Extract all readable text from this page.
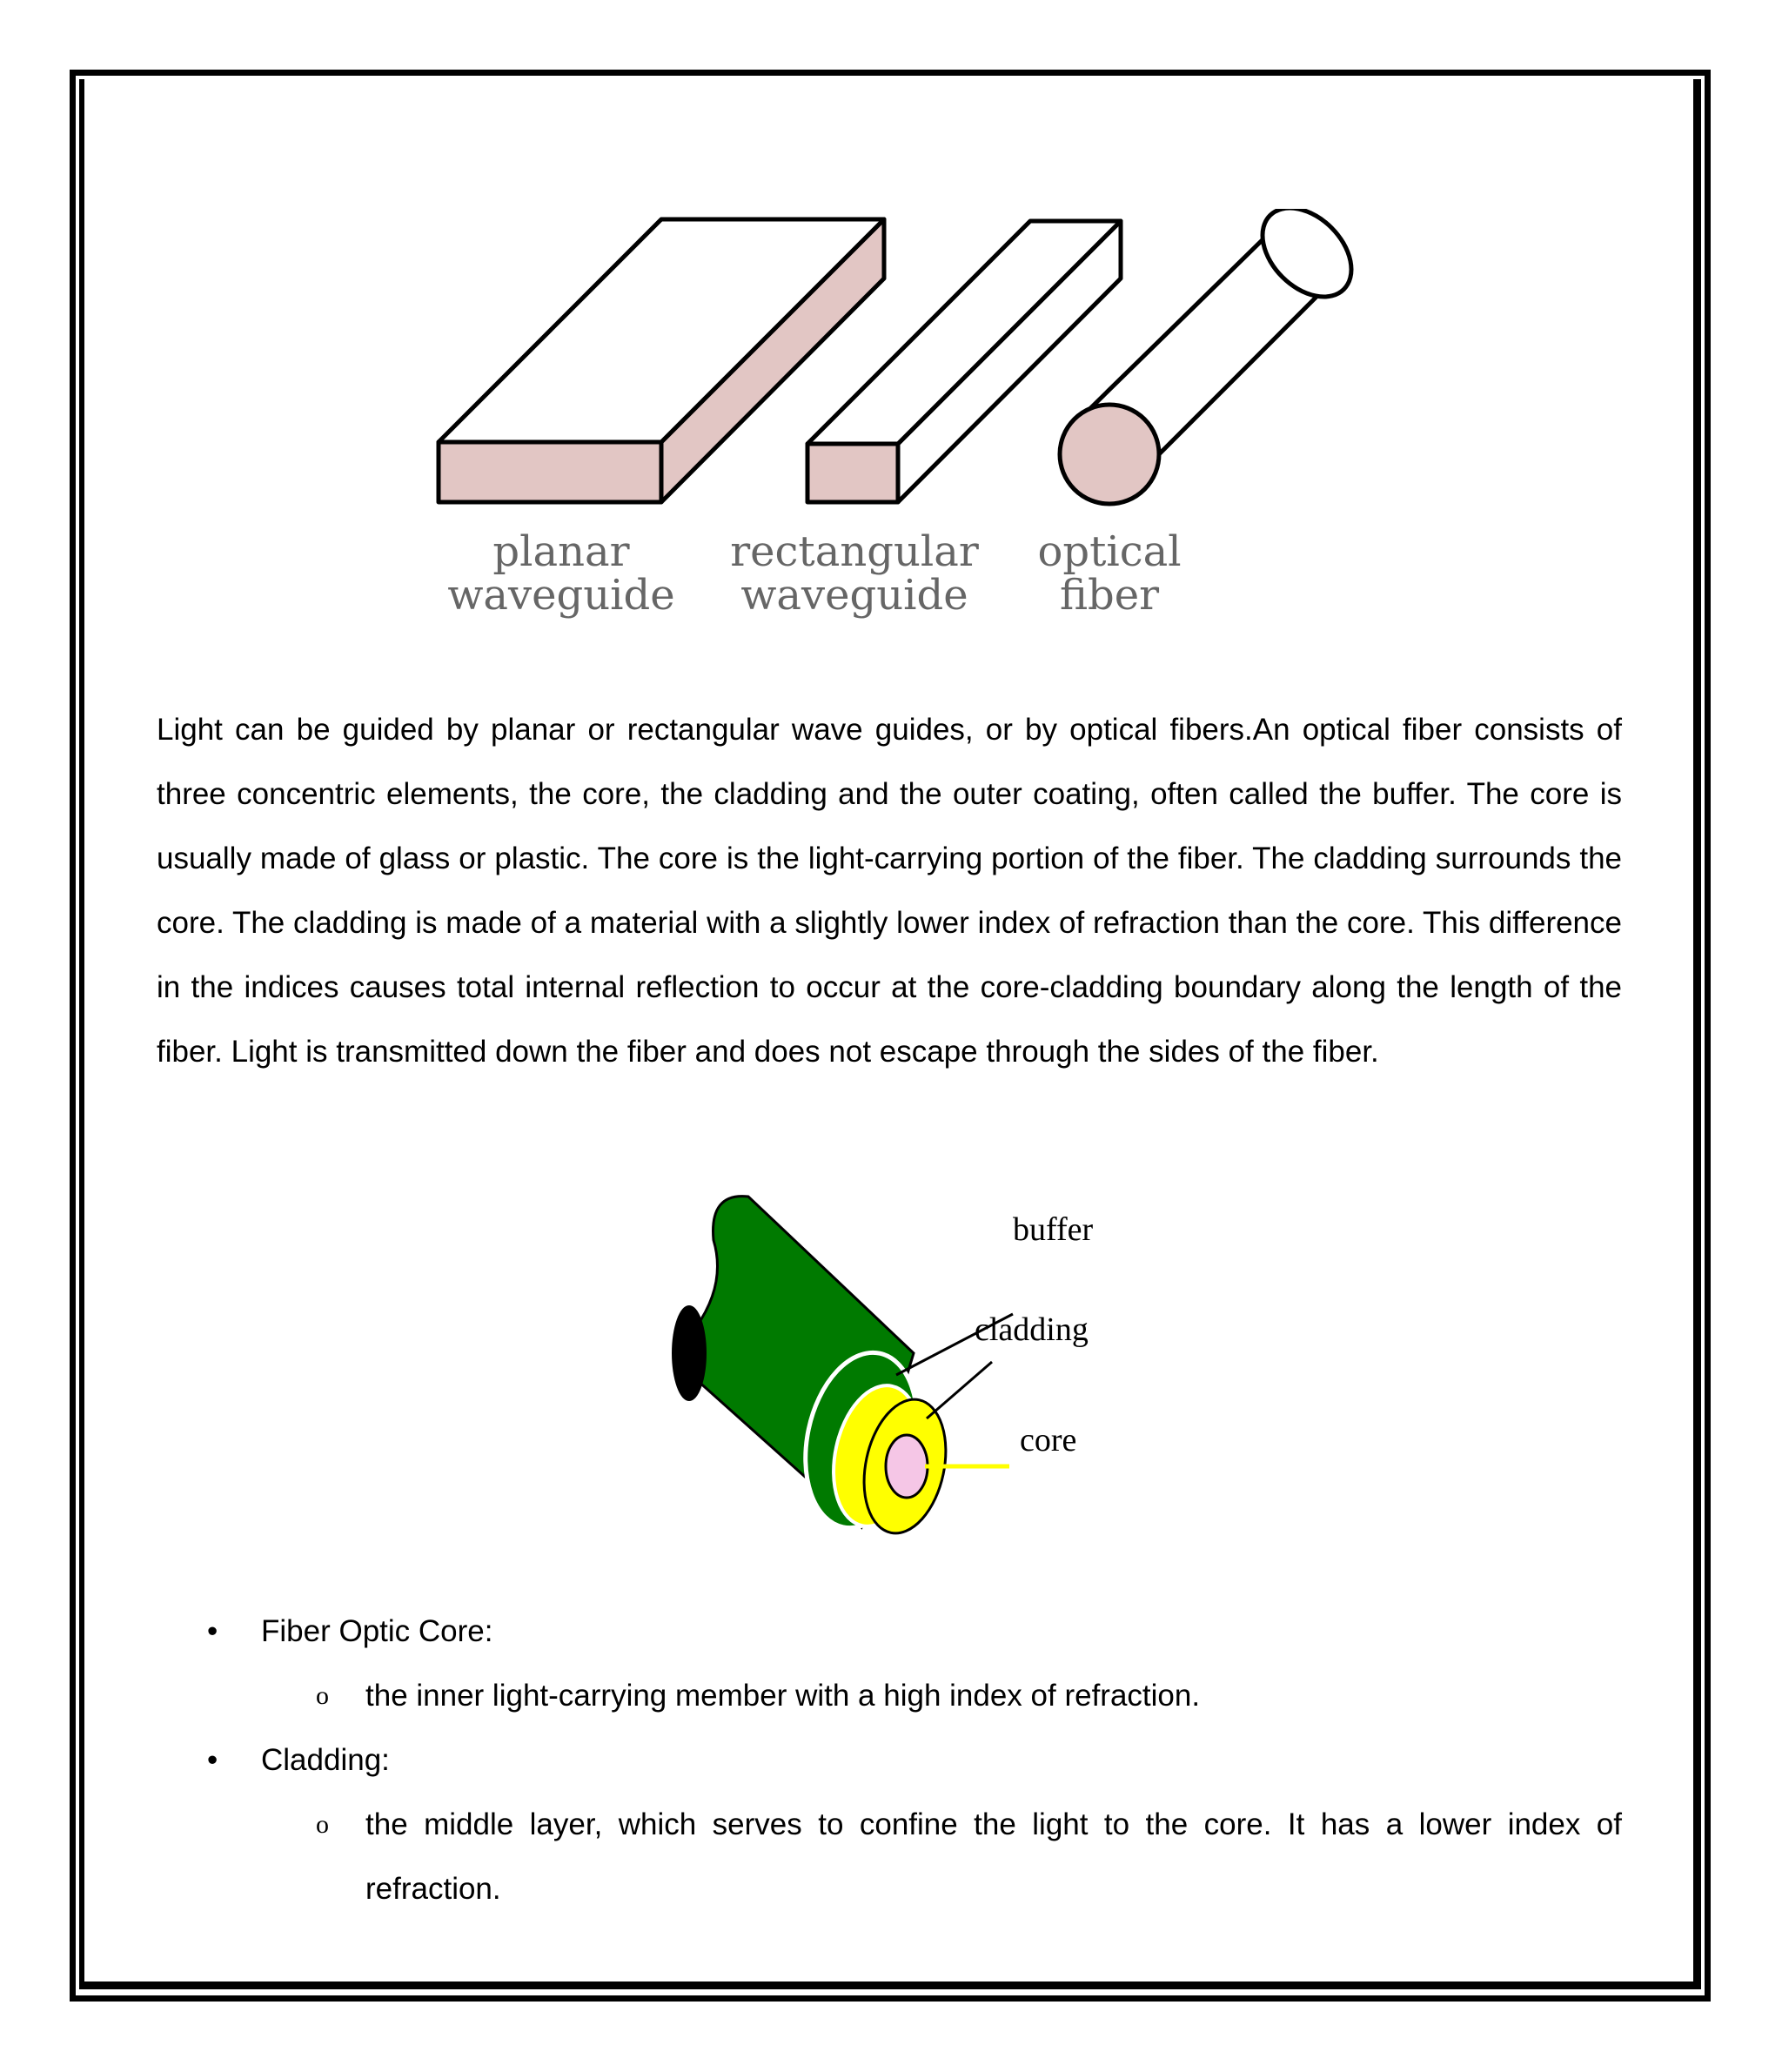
planar
waveguide
rectangular
waveguide
optical
fiber

Light can be guided by planar or rectangular wave guides, or by optical fibers.An optical fiber consists of three concentric elements, the core, the cladding and the outer coating, often called the buffer. The core is usually made of glass or plastic. The core is the light-carrying portion of the fiber. The cladding surrounds the core. The cladding is made of a material with a slightly lower index of refraction than the core. This difference in the indices causes total internal reflection to occur at the core-cladding boundary along the length of the fiber. Light is transmitted down the fiber and does not escape through the sides of the fiber.

buffer
cladding
core
• Fiber Optic Core:
o the inner light-carrying member with a high index of refraction.
• Cladding:
o the middle layer, which serves to confine the light to the core. It has a lower index of refraction.
